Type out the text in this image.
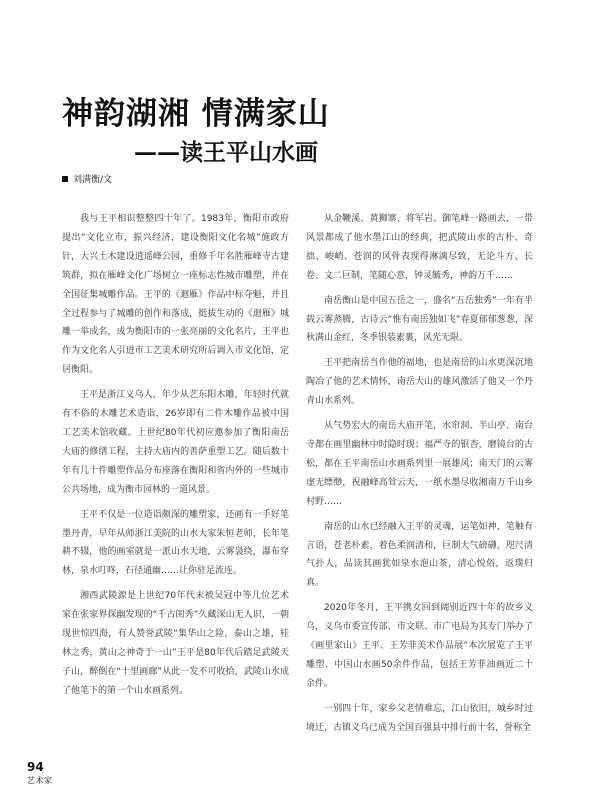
神韵湖湘 情满家山
——读王平山水画
刘满衡/文

我与王平相识整整四十年了。1983年，衡阳市政府提出“文化立市，振兴经济，建设衡阳文化名城”施政方针，大兴土木建设逍遥峰公园，重修千年名胜雁峰寺古建筑群，拟在雁峰文化广场树立一座标志性城市雕塑，并在全国征集城雕作品。王平的《迴雁》作品中标夺魁，并且全过程参与了城雕的创作和落成，挺拔生动的《迴雁》城雕一举成名，成为衡阳市的一张亮丽的文化名片，王平也作为文化名人引进市工艺美术研究所后调入市文化馆，定居衡阳。

王平是浙江义乌人，年少从艺东阳木雕，年轻时代就有不俗的木雕艺术造诣，26岁即有二件木雕作品被中国工艺美术馆收藏。上世纪80年代初应邀参加了衡阳南岳大庙的修缮工程，主持大庙内的善萨重塑工艺。随后数十年有几十件雕塑作品分布座落在衡阳和省内外的一些城市公共场地，成为衡市园林的一道风景。

王平不仅是一位造诣颇深的雕塑家，还画有一手好笔墨丹青，早年从师浙江美院的山水大家朱恒老师，长年笔耕不辍，他的画室就是一派山水天地，云雾袅绕，瀑布穿林，泉水叮咚，石径通幽……让你驻足流连。

湘西武陵源是上世纪70年代末被吴冠中等几位艺术家在张家界探幽发现的“千古闺秀”久藏深山无人识，一朝现世惊四海，有人赞誉武陵“集华山之险，泰山之雄，桂林之秀，黄山之神奇于一山”王平是80年代后踏足武陵天子山，醉倒在“十里画廊”从此一发不可收拾，武陵山水成了他笔下的第一个山水画系列。

从金鞭溪、黄狮寨、将军岩、御笔峰一路画去，一带风景都成了他水墨江山的经典，把武陵山水的古朴、奇拙、峻峭、苍润的风骨表现得淋漓尽致，无论斗方、长卷、文二巨制，笔随心意，钟灵毓秀，神韵万千……

南岳衡山是中国五岳之一，盛名“五岳独秀”一年有半载云雾蒸腾，古诗云“惟有南岳独如飞”春夏郁郁葱葱，深秋满山金红，冬季银装素裹，风光无限。

王平把南岳当作他的福地，也是南岳的山水更深沉地陶冶了他的艺术情怀，南岳大山的雄风激活了他又一个丹青山水系列。

从气势宏大的南岳大庙开笔，水帘洞、半山亭、南台寺都在画里幽林中时隐时现；福严寺的银杏，磨镜台的古松，都在王平南岳山水画系列里一展雄风；南天门的云雾虚无缥缈，祝融峰高耸云天，一纸水墨尽收湘南万千山乡村野……

南岳的山水已经融入王平的灵魂，运笔如神，笔触有言语，苍老朴素，着色柔润清和，巨制大气磅礴，咫尺清气扑人，品读其画犹如泉水泡山茶，清心悦俗，返璞归真。

2020年冬月，王平携女回到阔别近四十年的故乡义乌，义乌市委宣传部、市文联、市广电局为其专门举办了《画里家山》王平、王芳菲美术作品展”本次展览了王平雕塑、中国山水画50余件作品，包括王芳菲油画近二十余件。

一别四十年，家乡父老情难忘，江山依旧，城乡时过境迁，古镇义乌已成为全国百强县中排行前十名，誉称全

94
艺术家
